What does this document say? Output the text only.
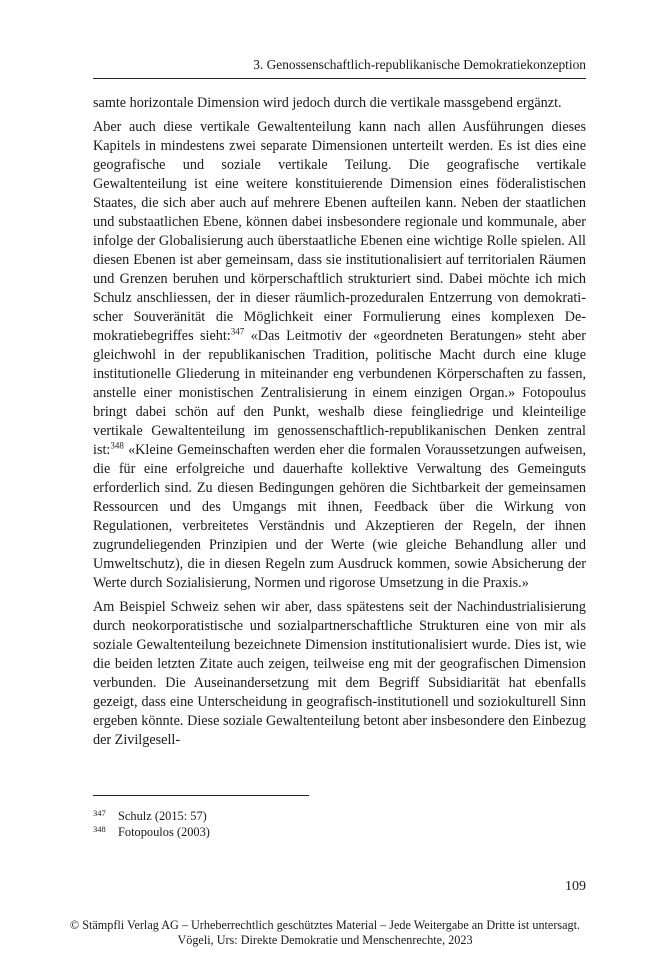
3. Genossenschaftlich-republikanische Demokratiekonzeption

samte horizontale Dimension wird jedoch durch die vertikale massgebend ergänzt.

Aber auch diese vertikale Gewaltenteilung kann nach allen Ausführungen dieses Kapitels in mindestens zwei separate Dimensionen unterteilt werden. Es ist dies eine geografische und soziale vertikale Teilung. Die geografische vertikale Gewaltenteilung ist eine weitere konstituierende Dimension eines föderalistischen Staates, die sich aber auch auf mehrere Ebenen aufteilen kann. Neben der staatlichen und substaatlichen Ebene, können dabei insbesondere regionale und kommunale, aber infolge der Globalisierung auch überstaatliche Ebenen eine wichtige Rolle spielen. All diesen Ebenen ist aber gemeinsam, dass sie institutionalisiert auf territorialen Räumen und Grenzen beruhen und körperschaftlich strukturiert sind. Dabei möchte ich mich Schulz anschliessen, der in dieser räumlich-prozeduralen Entzerrung von demokratischer Souveränität die Möglichkeit einer Formulierung eines komplexen Demokratiebegriffes sieht:$^{347}$ «Das Leitmotiv der «geordneten Beratungen» steht aber gleichwohl in der republikanischen Tradition, politische Macht durch eine kluge institutionelle Gliederung in miteinander eng verbundenen Körperschaften zu fassen, anstelle einer monistischen Zentralisierung in einem einzigen Organ.» Fotopoulus bringt dabei schön auf den Punkt, weshalb diese feingliedrige und kleinteilige vertikale Gewaltenteilung im genossenschaftlich-republikanischen Denken zentral ist:$^{348}$ «Kleine Gemeinschaften werden eher die formalen Voraussetzungen aufweisen, die für eine erfolgreiche und dauerhafte kollektive Verwaltung des Gemeinguts erforderlich sind. Zu diesen Bedingungen gehören die Sichtbarkeit der gemeinsamen Ressourcen und des Umgangs mit ihnen, Feedback über die Wirkung von Regulationen, verbreitetes Verständnis und Akzeptieren der Regeln, der ihnen zugrundeliegenden Prinzipien und der Werte (wie gleiche Behandlung aller und Umweltschutz), die in diesen Regeln zum Ausdruck kommen, sowie Absicherung der Werte durch Sozialisierung, Normen und rigorose Umsetzung in die Praxis.»

Am Beispiel Schweiz sehen wir aber, dass spätestens seit der Nachindustrialisierung durch neokorporatistische und sozialpartnerschaftliche Strukturen eine von mir als soziale Gewaltenteilung bezeichnete Dimension institutionalisiert wurde. Dies ist, wie die beiden letzten Zitate auch zeigen, teilweise eng mit der geografischen Dimension verbunden. Die Auseinandersetzung mit dem Begriff Subsidiarität hat ebenfalls gezeigt, dass eine Unterscheidung in geografisch-institutionell und soziokulturell Sinn ergeben könnte. Diese soziale Gewaltenteilung betont aber insbesondere den Einbezug der Zivilgesell-

347 Schulz (2015: 57)
348 Fotopoulos (2003)
109
© Stämpfli Verlag AG – Urheberrechtlich geschütztes Material – Jede Weitergabe an Dritte ist untersagt.
Vögeli, Urs: Direkte Demokratie und Menschenrechte, 2023
